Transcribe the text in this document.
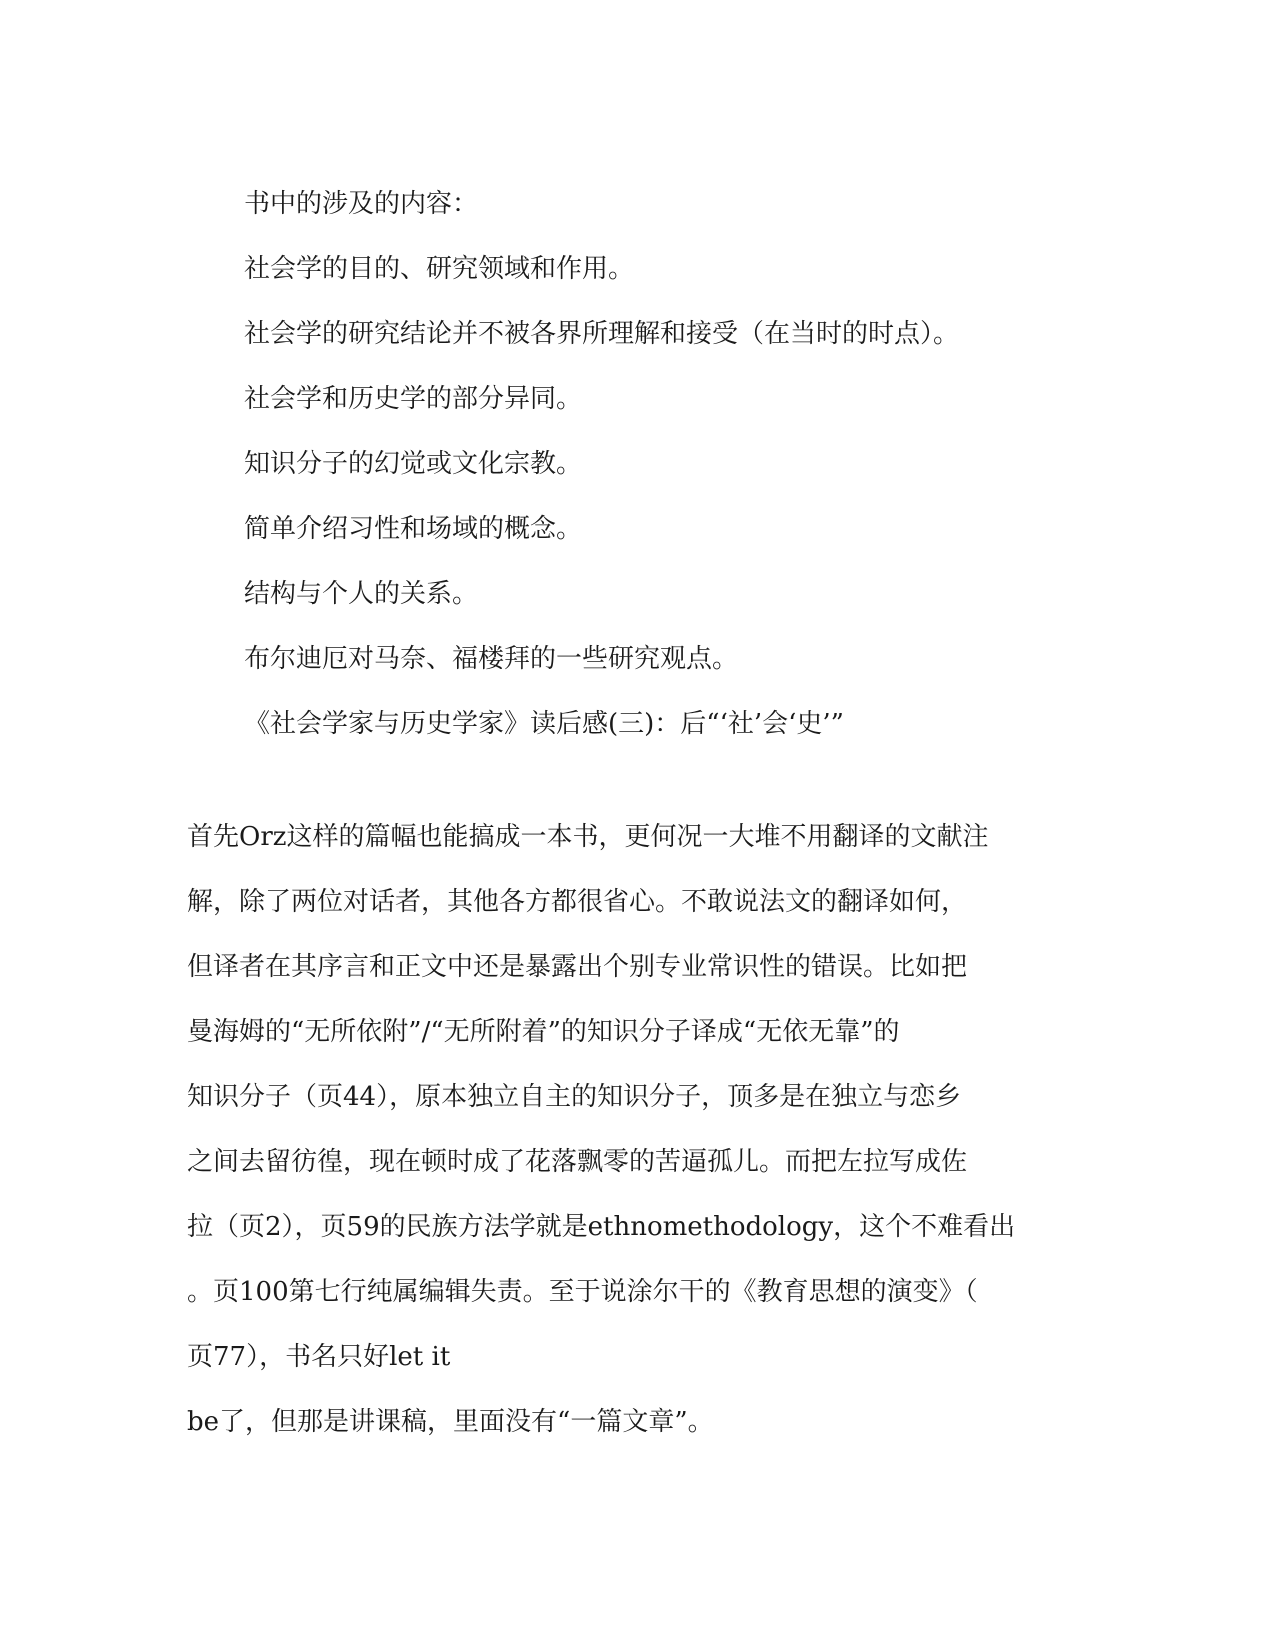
书中的涉及的内容：
社会学的目的、研究领域和作用。
社会学的研究结论并不被各界所理解和接受（在当时的时点）。
社会学和历史学的部分异同。
知识分子的幻觉或文化宗教。
简单介绍习性和场域的概念。
结构与个人的关系。
布尔迪厄对马奈、福楼拜的一些研究观点。
《社会学家与历史学家》读后感(三)：后“‘社’会‘史’”
首先Orz这样的篇幅也能搞成一本书，更何况一大堆不用翻译的文献注
解，除了两位对话者，其他各方都很省心。不敢说法文的翻译如何，
但译者在其序言和正文中还是暴露出个别专业常识性的错误。比如把
曼海姆的“无所依附”/“无所附着”的知识分子译成“无依无靠”的
知识分子（页44），原本独立自主的知识分子，顶多是在独立与恋乡
之间去留彷徨，现在顿时成了花落飘零的苦逼孤儿。而把左拉写成佐
拉（页2），页59的民族方法学就是ethnomethodology，这个不难看出
。页100第七行纯属编辑失责。至于说涂尔干的《教育思想的演变》（
页77），书名只好let it
be了，但那是讲课稿，里面没有“一篇文章”。
